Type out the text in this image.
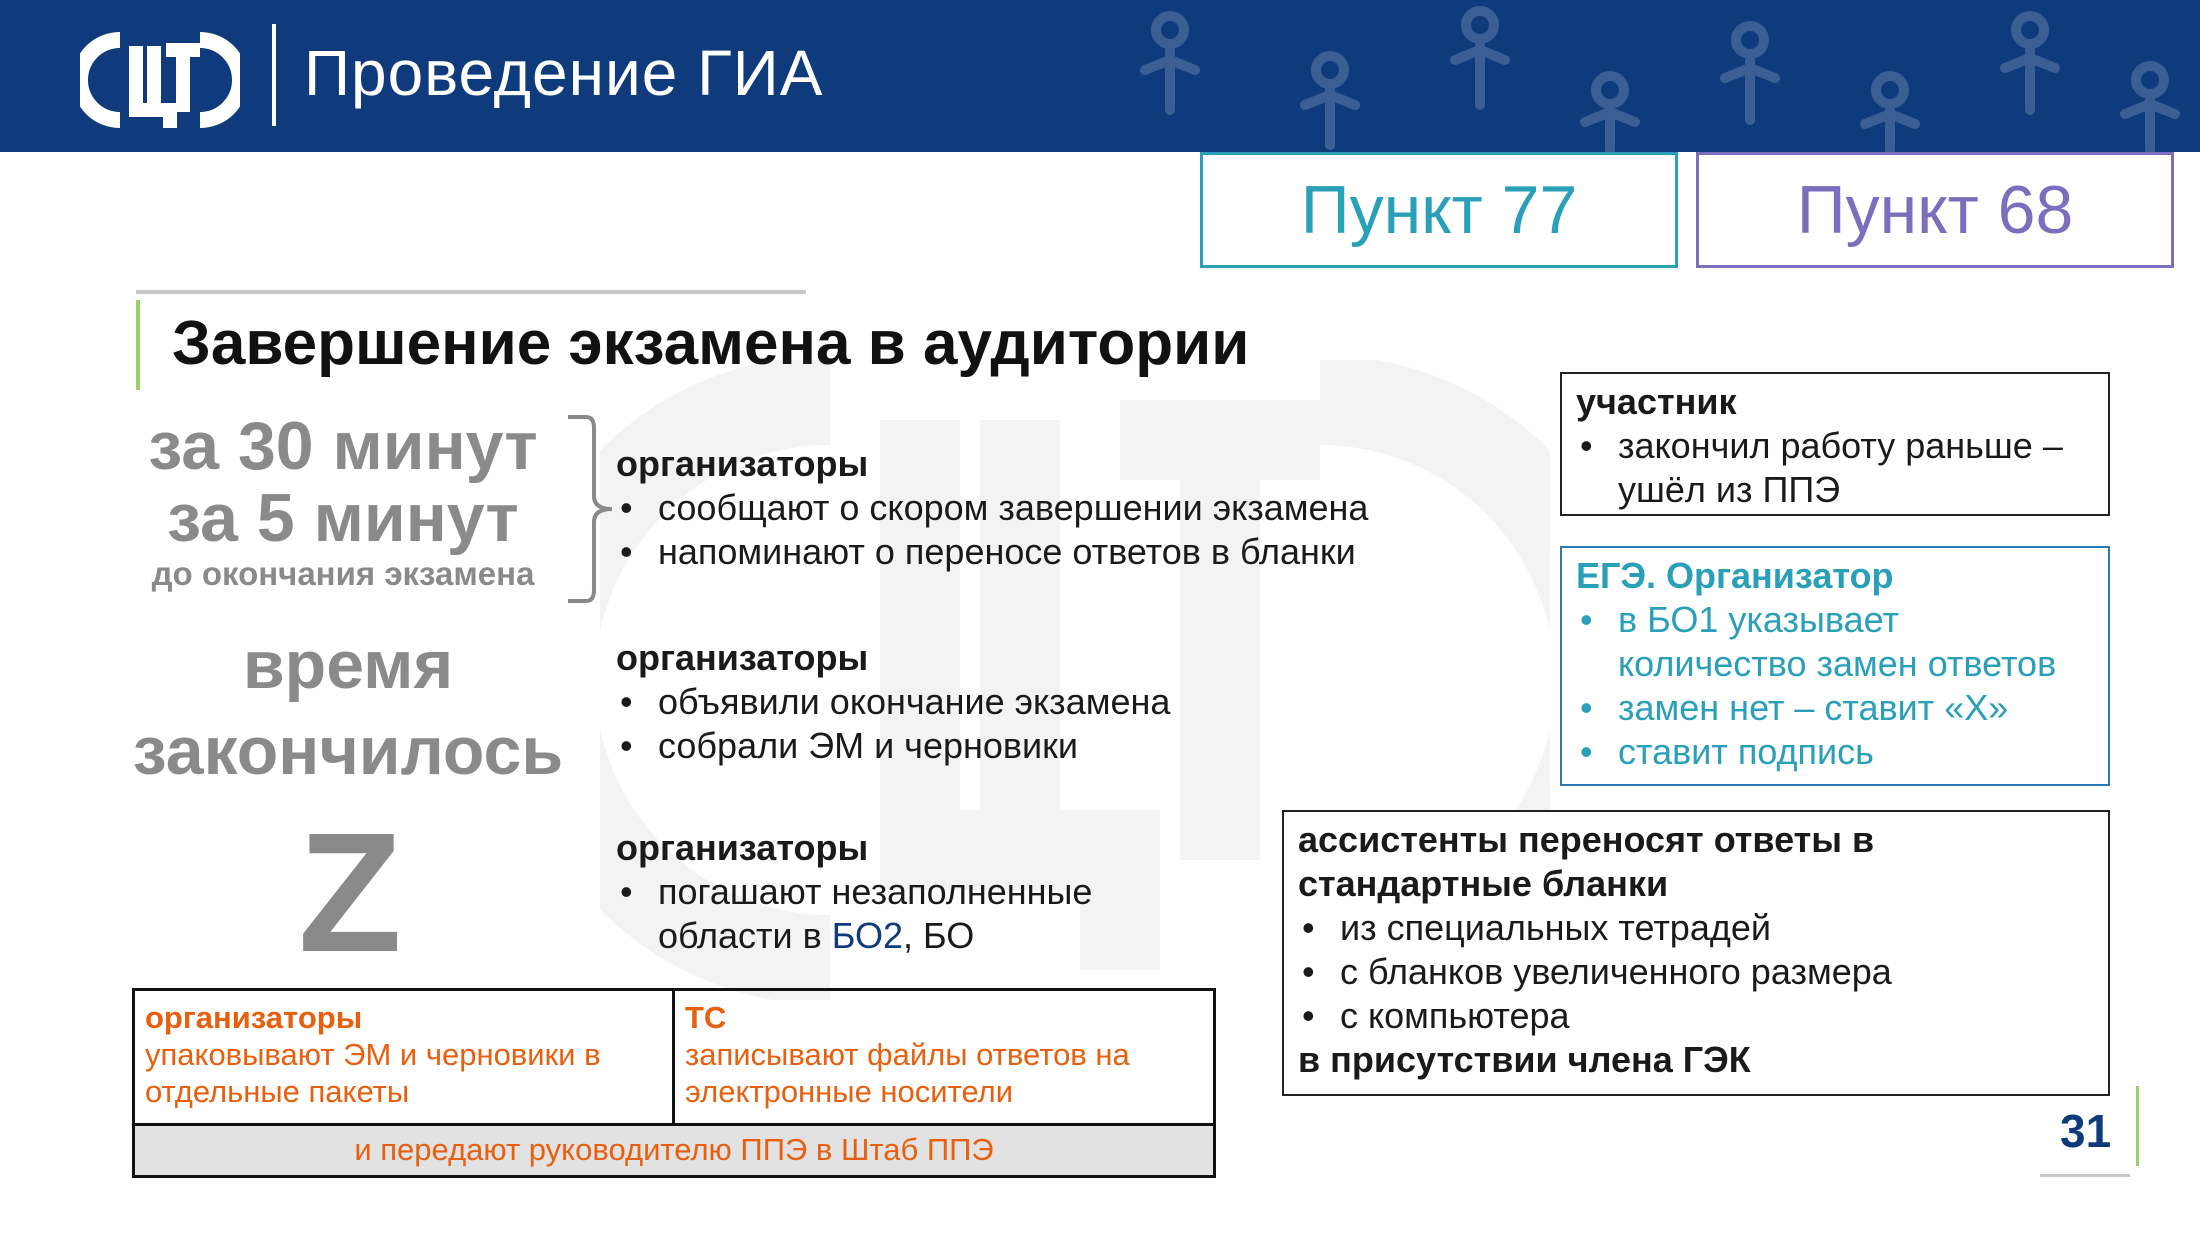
Проведение ГИА
Пункт 77	Пункт 68
Завершение экзамена в аудитории
за 30 минут
за 5 минут
до окончания экзамена
время
закончилось
Z
организаторы
• сообщают о скором завершении экзамена
• напоминают о переносе ответов в бланки
организаторы
• объявили окончание экзамена
• собрали ЭМ и черновики
организаторы
• погашают незаполненные области в БО2, БО
участник
• закончил работу раньше – ушёл из ППЭ
ЕГЭ. Организатор
• в БО1 указывает количество замен ответов
• замен нет – ставит «Х»
• ставит подпись
ассистенты переносят ответы в стандартные бланки
• из специальных тетрадей
• с бланков увеличенного размера
• с компьютера
в присутствии члена ГЭК
организаторы
упаковывают ЭМ и черновики в отдельные пакеты
ТС
записывают файлы ответов на электронные носители
и передают руководителю ППЭ в Штаб ППЭ	31
